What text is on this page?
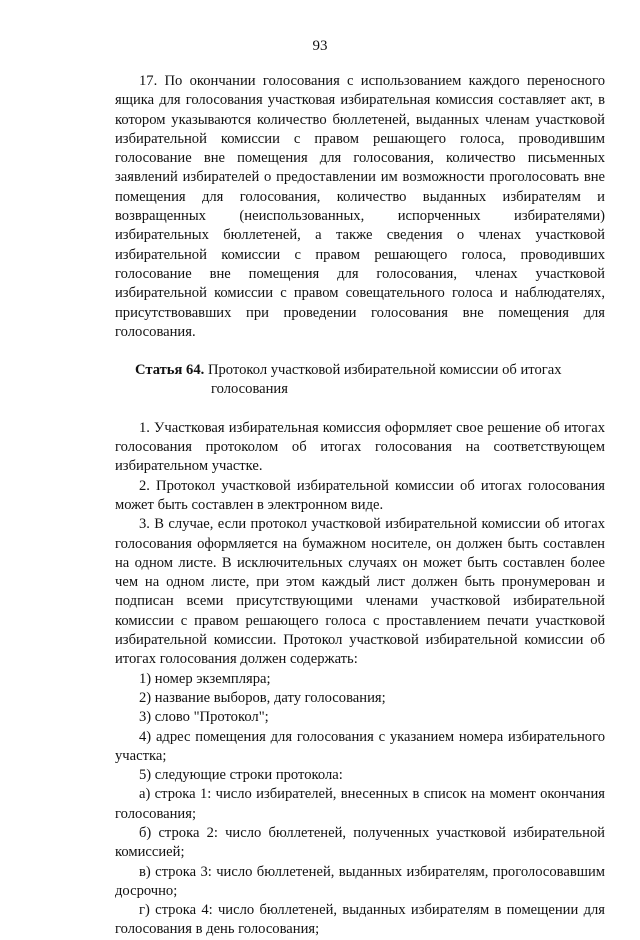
93

17. По окончании голосования с использованием каждого переносного ящика для голосования участковая избирательная комиссия составляет акт, в котором указываются количество бюллетеней, выданных членам участковой избирательной комиссии с правом решающего голоса, проводившим голосование вне помещения для голосования, количество письменных заявлений избирателей о предоставлении им возможности проголосовать вне помещения для голосования, количество выданных избирателям и возвращенных (неиспользованных, испорченных избирателями) избирательных бюллетеней, а также сведения о членах участковой избирательной комиссии с правом решающего голоса, проводивших голосование вне помещения для голосования, членах участковой избирательной комиссии с правом совещательного голоса и наблюдателях, присутствовавших при проведении голосования вне помещения для голосования.

Статья 64. Протокол участковой избирательной комиссии об итогах голосования

1. Участковая избирательная комиссия оформляет свое решение об итогах голосования протоколом об итогах голосования на соответствующем избирательном участке.

2. Протокол участковой избирательной комиссии об итогах голосования может быть составлен в электронном виде.

3. В случае, если протокол участковой избирательной комиссии об итогах голосования оформляется на бумажном носителе, он должен быть составлен на одном листе. В исключительных случаях он может быть составлен более чем на одном листе, при этом каждый лист должен быть пронумерован и подписан всеми присутствующими членами участковой избирательной комиссии с правом решающего голоса с проставлением печати участковой избирательной комиссии. Протокол участковой избирательной комиссии об итогах голосования должен содержать:

1) номер экземпляра;

2) название выборов, дату голосования;

3) слово "Протокол";

4) адрес помещения для голосования с указанием номера избирательного участка;

5) следующие строки протокола:

а) строка 1: число избирателей, внесенных в список на момент окончания голосования;

б) строка 2: число бюллетеней, полученных участковой избирательной комиссией;

в) строка 3: число бюллетеней, выданных избирателям, проголосовавшим досрочно;

г) строка 4: число бюллетеней, выданных избирателям в помещении для голосования в день голосования;
